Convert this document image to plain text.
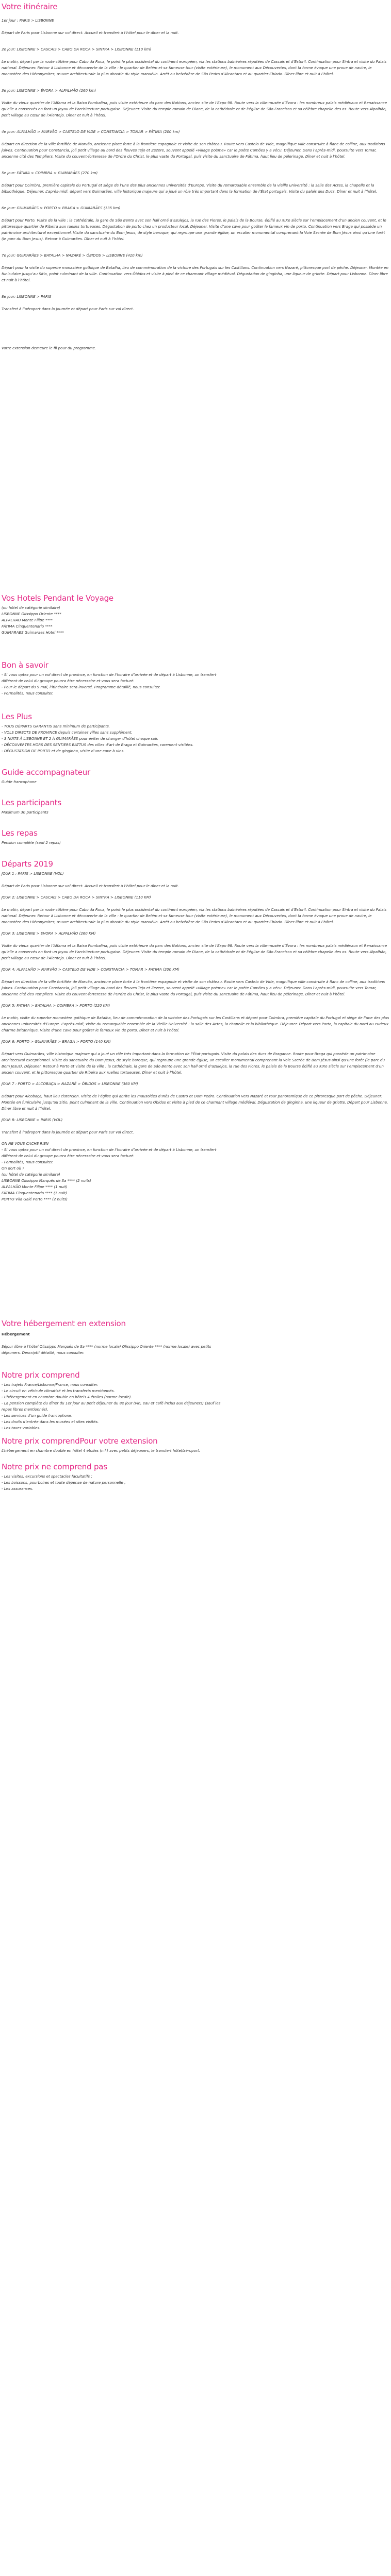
Votre itinéraire
1er jour : PARIS > LISBONNE

Départ de Paris pour Lisbonne sur vol direct. Accueil et transfert à l’hôtel pour le dîner et la nuit.

2e jour: LISBONNE > CASCAIS > CABO DA ROCA > SINTRA > LISBONNE (110 km)

Le matin, départ par la route côtière pour Cabo da Roca, le point le plus occidental du continent européen, via les stations balnéaires réputées de Cascais et d’Estoril. Continuation pour Sintra et visite du Palais national. Déjeuner. Retour à Lisbonne et découverte de la ville : le quartier de Belém et sa fameuse tour (visite extérieure), le monument aux Découvertes, dont la forme évoque une proue de navire, le monastère des Hiéronymites, œuvre architecturale la plus aboutie du style manuélin. Arrêt au belvédère de São Pedro d’Alcantara et au quartier Chiado. Dîner libre et nuit à l’hôtel.

3e jour: LISBONNE > ÉVORA > ALPALHÃO (260 km)

Visite du vieux quartier de l’Alfama et la Baixa Pombalina, puis visite extérieure du parc des Nations, ancien site de l’Expo 98. Route vers la ville-musée d’Évora : les nombreux palais médiévaux et Renaissance qu’elle a conservés en font un joyau de l’architecture portugaise. Déjeuner. Visite du temple romain de Diane, de la cathédrale et de l’église de São Francisco et sa célèbre chapelle des os. Route vers Alpalhão, petit village au cœur de l’Alentejo. Dîner et nuit à l’hôtel.

4e jour: ALPALHÃO > MARVÃO > CASTELO DE VIDE > CONSTANCIA > TOMAR > FÁTIMA (200 km)

Départ en direction de la ville fortifiée de Marvão, ancienne place forte à la frontière espagnole et visite de son château. Route vers Castelo de Vide, magnifique ville construite à flanc de colline, aux traditions juives. Continuation pour Constancia, joli petit village au bord des fleuves Tejo et Zezere, souvent appelé «village poème» car le poète Camões y a vécu. Déjeuner. Dans l’après-midi, poursuite vers Tomar, ancienne cité des Templiers. Visite du couvent-forteresse de l’Ordre du Christ, le plus vaste du Portugal, puis visite du sanctuaire de Fátima, haut lieu de pèlerinage. Dîner et nuit à l’hôtel.

5e jour: FÁTIMA > COIMBRA > GUIMARÃES (270 km)

Départ pour Coimbra, première capitale du Portugal et siège de l’une des plus anciennes universités d’Europe. Visite du remarquable ensemble de la vieille université : la salle des Actes, la chapelle et la bibliothèque. Déjeuner. L’après-midi, départ vers Guimarães, ville historique majeure qui a joué un rôle très important dans la formation de l’État portugais. Visite du palais des Ducs. Dîner et nuit à l’hôtel.

6e jour: GUIMARÃES > PORTO > BRAGA > GUIMARÃES (135 km)

Départ pour Porto. Visite de la ville : la cathédrale, la gare de São Bento avec son hall orné d’azulejos, la rue des Flores, le palais de la Bourse, édifié au XIXe siècle sur l’emplacement d’un ancien couvent, et le pittoresque quartier de Ribeira aux ruelles tortueuses. Dégustation de porto chez un producteur local. Déjeuner. Visite d’une cave pour goûter le fameux vin de porto. Continuation vers Braga qui possède un patrimoine architectural exceptionnel. Visite du sanctuaire du Bom Jesus, de style baroque, qui regroupe une grande église, un escalier monumental comprenant la Voie Sacrée de Bom Jésus ainsi qu’une forêt (le parc du Bom Jesus). Retour à Guimarães. Dîner et nuit à l’hôtel.

7e jour: GUIMARÃES > BATALHA > NAZARÉ > ÓBIDOS > LISBONNE (410 km)

Départ pour la visite du superbe monastère gothique de Batalha, lieu de commémoration de la victoire des Portugais sur les Castillans. Continuation vers Nazaré, pittoresque port de pêche. Déjeuner. Montée en funiculaire jusqu’au Sitio, point culminant de la ville. Continuation vers Óbidos et visite à pied de ce charmant village médiéval. Dégustation de ginginha, une liqueur de griotte. Départ pour Lisbonne. Dîner libre et nuit à l’hôtel.

8e jour: LISBONNE > PARIS

Transfert à l’aéroport dans la journée et départ pour Paris sur vol direct.

Votre extension demeure le fil pour du programme.
Vos Hotels Pendant le Voyage
(ou hôtel de catégorie similaire)
LISBONNE Olissippo Oriente ****
ALPALHÃO Monte Filipe ****
FÁTIMA Cinquentenario ****
GUIMARAES Guimaraes Hotel ****
Bon à savoir
- Si vous optez pour un vol direct de province, en fonction de l’horaire d’arrivée et de départ à Lisbonne, un transfert
différent de celui du groupe pourra être nécessaire et vous sera facturé.
- Pour le départ du 9 mai, l’itinéraire sera inversé. Programme détaillé, nous consulter.
- Formalités, nous consulter.
Les Plus
- TOUS DÉPARTS GARANTIS sans minimum de participants.
- VOLS DIRECTS DE PROVINCE depuis certaines villes sans supplément.
- 3 NUITS À LISBONNE ET 2 À GUIMARÃES pour éviter de changer d’hôtel chaque soir.
- DÉCOUVERTES HORS DES SENTIERS BATTUS des villes d’art de Braga et Guimarães, rarement visitées.
- DÉGUSTATION DE PORTO et de ginginha, visite d’une cave à vins.
Guide accompagnateur
Guide francophone
Les participants
Maximum 30 participants
Les repas
Pension complète (sauf 2 repas)
Départs 2019
JOUR 1 : PARIS > LISBONNE (VOL)

Départ de Paris pour Lisbonne sur vol direct. Accueil et transfert à l’hôtel pour le dîner et la nuit.

JOUR 2: LISBONNE > CASCAIS > CABO DA ROCA > SINTRA > LISBONNE (110 KM)

Le matin, départ par la route côtière pour Cabo da Roca, le point le plus occidental du continent européen, via les stations balnéaires réputées de Cascais et d’Estoril. Continuation pour Sintra et visite du Palais national. Déjeuner. Retour à Lisbonne et découverte de la ville : le quartier de Belém et sa fameuse tour (visite extérieure), le monument aux Découvertes, dont la forme évoque une proue de navire, le monastère des Hiéronymites, œuvre architecturale la plus aboutie du style manuélin. Arrêt au belvédère de São Pedro d’Alcantara et au quartier Chiado. Dîner libre et nuit à l’hôtel.

JOUR 3: LISBONNE > EVORA > ALPALHÃO (260 KM)

Visite du vieux quartier de l’Alfama et la Baixa Pombalina, puis visite extérieure du parc des Nations, ancien site de l’Expo 98. Route vers la ville-musée d’Évora : les nombreux palais médiévaux et Renaissance qu’elle a conservés en font un joyau de l’architecture portugaise. Déjeuner. Visite du temple romain de Diane, de la cathédrale et de l’église de São Francisco et sa célèbre chapelle des os. Route vers Alpalhão, petit village au cœur de l’Alentejo. Dîner et nuit à l’hôtel.

JOUR 4: ALPALHÃO > MARVÃO > CASTELO DE VIDE > CONSTANCIA > TOMAR > FATIMA (200 KM)

Départ en direction de la ville fortifiée de Marvão, ancienne place forte à la frontière espagnole et visite de son château. Route vers Castelo de Vide, magnifique ville construite à flanc de colline, aux traditions juives. Continuation pour Constancia, joli petit village au bord des fleuves Tejo et Zezere, souvent appelé «village poème» car le poète Camões y a vécu. Déjeuner. Dans l’après-midi, poursuite vers Tomar, ancienne cité des Templiers. Visite du couvent-forteresse de l’Ordre du Christ, le plus vaste du Portugal, puis visite du sanctuaire de Fátima, haut lieu de pèlerinage. Dîner et nuit à l’hôtel.

JOUR 5: FATIMA > BATALHA > COIMBRA > PORTO (220 KM)

Le matin, visite du superbe monastère gothique de Batalha, lieu de commémoration de la victoire des Portugais sur les Castillans et départ pour Coimbra, première capitale du Portugal et siège de l’une des plus anciennes universités d’Europe. L’après-midi, visite du remarquable ensemble de la Vieille Université : la salle des Actes, la chapelle et la bibliothèque. Déjeuner. Départ vers Porto, la capitale du nord au curieux charme britannique. Visite d’une cave pour goûter le fameux vin de porto. Dîner et nuit à l’hôtel.

JOUR 6: PORTO > GUIMARÃES > BRAGA > PORTO (140 KM)

Départ vers Guimarães, ville historique majeure qui a joué un rôle très important dans la formation de l’État portugais. Visite du palais des ducs de Bragance. Route pour Braga qui possède un patrimoine architectural exceptionnel. Visite du sanctuaire du Bom Jesus, de style baroque, qui regroupe une grande église, un escalier monumental comprenant la Voie Sacrée de Bom Jésus ainsi qu’une forêt (le parc du Bom Jesus). Déjeuner. Retour à Porto et visite de la ville : la cathédrale, la gare de São Bento avec son hall orné d’azulejos, la rue des Flores, le palais de la Bourse édifié au XIXe siècle sur l’emplacement d’un ancien couvent, et le pittoresque quartier de Ribeira aux ruelles tortueuses. Dîner et nuit à l’hôtel.

JOUR 7 : PORTO > ALCOBAÇA > NAZARÉ > ÓBIDOS > LISBONNE (360 KM)

Départ pour Alcobaça, haut lieu cistercien. Visite de l’église qui abrite les mausolées d’Inès de Castro et Dom Pedro. Continuation vers Nazaré et tour panoramique de ce pittoresque port de pêche. Déjeuner. Montée en funiculaire jusqu’au Sitio, point culminant de la ville. Continuation vers Óbidos et visite à pied de ce charmant village médiéval. Dégustation de ginginha, une liqueur de griotte. Départ pour Lisbonne. Dîner libre et nuit à l’hôtel.

JOUR 8: LISBONNE > PARIS (VOL)

Transfert à l’aéroport dans la journée et départ pour Paris sur vol direct.

ON NE VOUS CACHE RIEN
- Si vous optez pour un vol direct de province, en fonction de l’horaire d’arrivée et de départ à Lisbonne, un transfert
différent de celui du groupe pourra être nécessaire et vous sera facturé.
- Formalités, nous consulter.
On dort où ?
(ou hôtel de catégorie similaire)
LISBONNE Olissippo Marquês de Sa **** (2 nuits)
ALPALHÃO Monte Filipe **** (1 nuit)
FÁTIMA Cinquentenario **** (1 nuit)
PORTO Vila Galé Porto **** (2 nuits)
Votre hébergement en extension
Hébergement
Séjour libre à l’hôtel Olissippo Marquês de Sa **** (norme locale) Olissippo Oriente **** (norme locale) avec petits
déjeuners. Descriptif détaillé, nous consulter.
Notre prix comprend
- Les trajets France/Lisbonne/France, nous consulter.
- Le circuit en véhicule climatisé et les transferts mentionnés.
- L’hébergement en chambre double en hôtels 4 étoiles (norme locale).
- La pension complète du dîner du 1er jour au petit déjeuner du 8e jour (vin, eau et café inclus aux déjeuners) (sauf les
repas libres mentionnés).
- Les services d’un guide francophone.
- Les droits d’entrée dans les musées et sites visités.
- Les taxes variables.
Notre prix comprendPour votre extension
L’hébergement en chambre double en hôtel 4 étoiles (n.l.) avec petits déjeuners, le transfert hôtel/aéroport.
Notre prix ne comprend pas
- Les visites, excursions et spectacles facultatifs ;
- Les boissons, pourboires et toute dépense de nature personnelle ;
- Les assurances.
